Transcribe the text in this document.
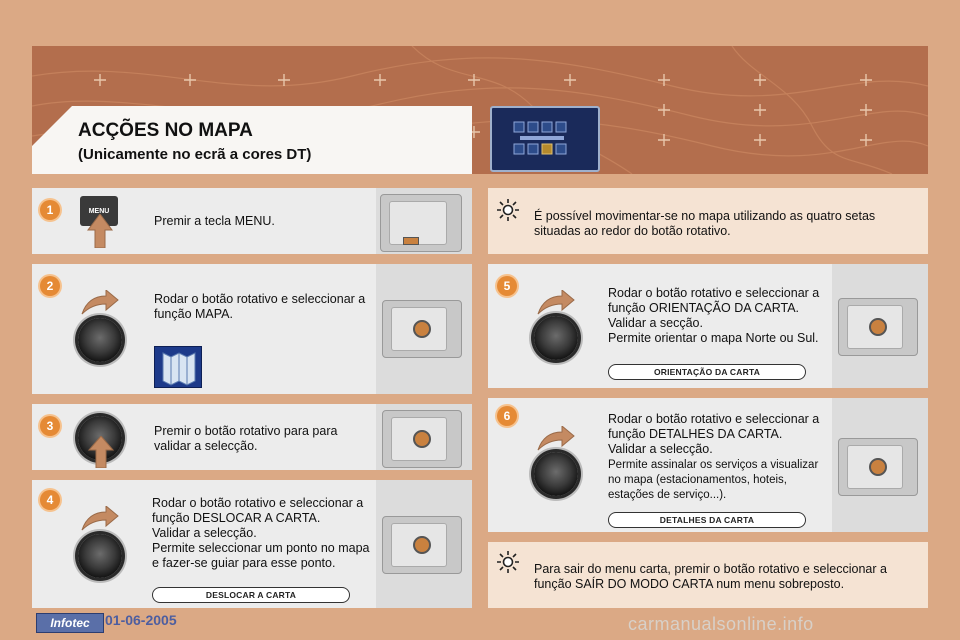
ACÇÕES NO MAPA
(Unicamente no ecrã a cores DT)
1	MENU
Premir a tecla MENU.
2
Rodar o botão rotativo e seleccionar a função MAPA.
3	Premir o botão rotativo para para validar a selecção.
4	Rodar o botão rotativo e seleccionar a função DESLOCAR A CARTA.
Validar a selecção.
Permite seleccionar um ponto no mapa e fazer-se guiar para esse ponto.
DESLOCAR A CARTA
É possível movimentar-se no mapa utilizando as quatro setas situadas ao redor do botão rotativo.
5	Rodar o botão rotativo e seleccionar a função ORIENTAÇÃO DA CARTA.
Validar a secção.
Permite orientar o mapa Norte ou Sul.
ORIENTAÇÃO DA CARTA
6	Rodar o botão rotativo e seleccionar a função DETALHES DA CARTA.
Validar a selecção.
Permite assinalar os serviços a visualizar no mapa (estacionamentos, hoteis, estações de serviço...).
DETALHES DA CARTA
Para sair do menu carta, premir o botão rotativo e seleccionar a função SAÍR DO MODO CARTA num menu sobreposto.
Infotec	01-06-2005	carmanualsonline.info
